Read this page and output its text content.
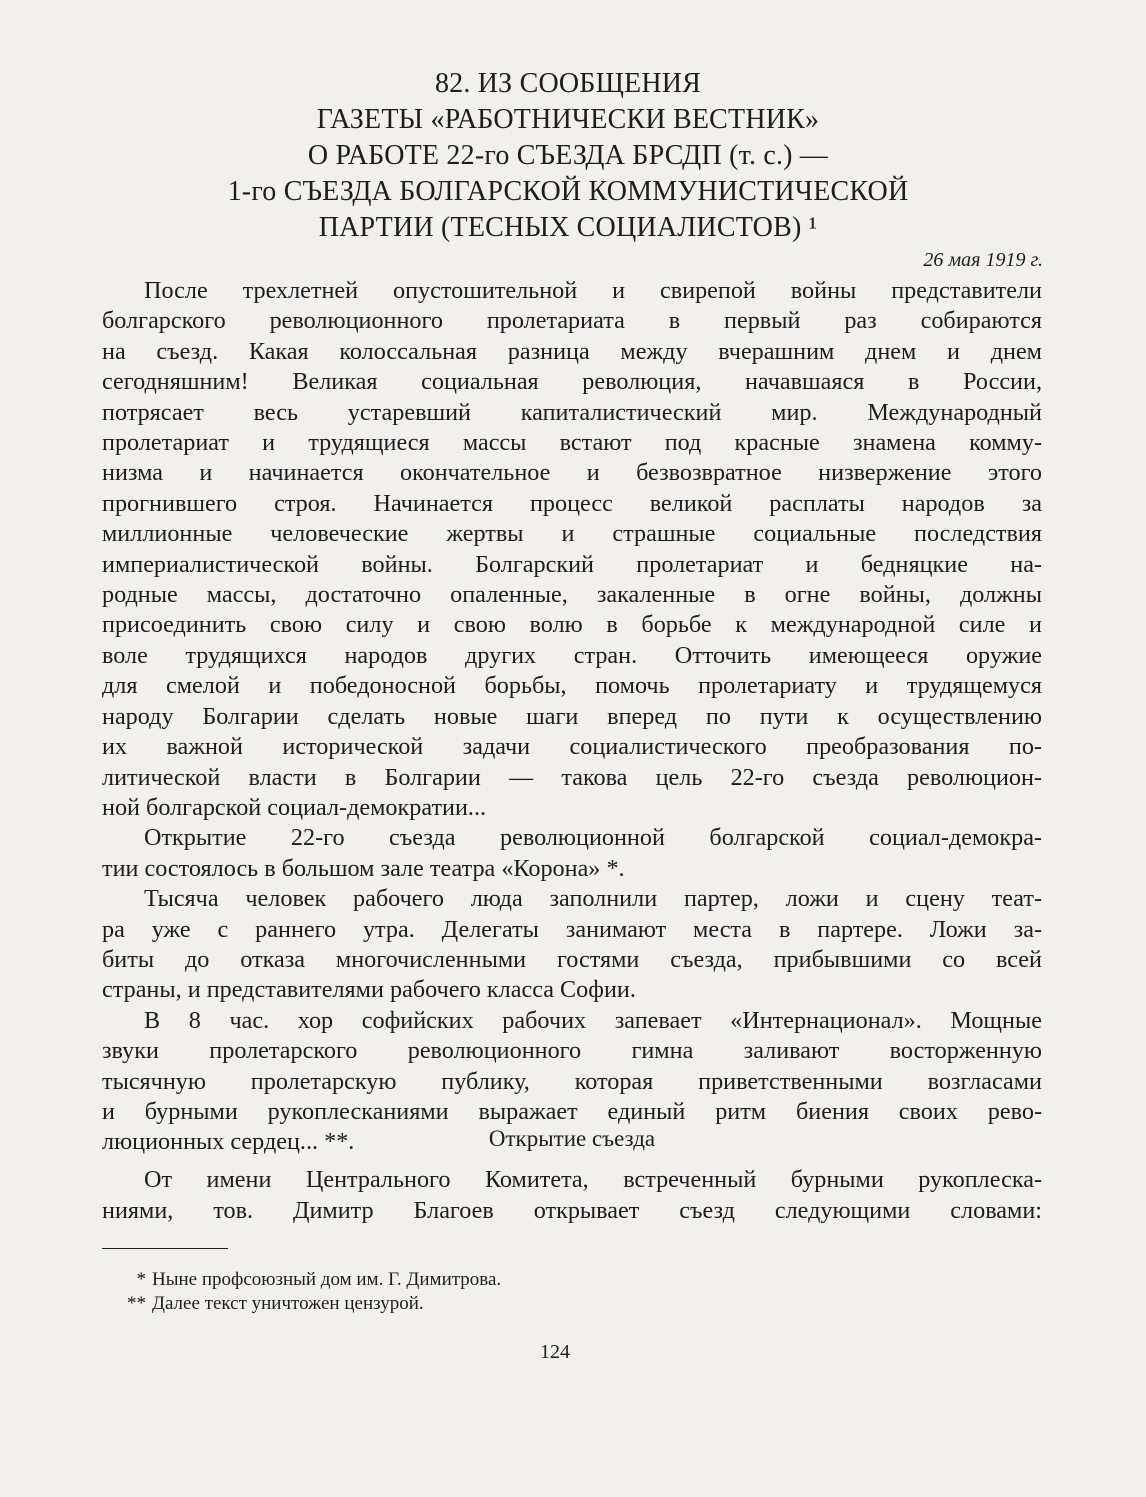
82. ИЗ СООБЩЕНИЯ
ГАЗЕТЫ «РАБОТНИЧЕСКИ ВЕСТНИК»
О РАБОТЕ 22-го СЪЕЗДА БРСДП (т. с.) —
1-го СЪЕЗДА БОЛГАРСКОЙ КОММУНИСТИЧЕСКОЙ
ПАРТИИ (ТЕСНЫХ СОЦИАЛИСТОВ) ¹
26 мая 1919 г.
После трехлетней опустошительной и свирепой войны представители
болгарского революционного пролетариата в первый раз собираются
на съезд. Какая колоссальная разница между вчерашним днем и днем
сегодняшним! Великая социальная революция, начавшаяся в России,
потрясает весь устаревший капиталистический мир. Международный
пролетариат и трудящиеся массы встают под красные знамена комму-
низма и начинается окончательное и безвозвратное низвержение этого
прогнившего строя. Начинается процесс великой расплаты народов за
миллионные человеческие жертвы и страшные социальные последствия
империалистической войны. Болгарский пролетариат и бедняцкие на-
родные массы, достаточно опаленные, закаленные в огне войны, должны
присоединить свою силу и свою волю в борьбе к международной силе и
воле трудящихся народов других стран. Отточить имеющееся оружие
для смелой и победоносной борьбы, помочь пролетариату и трудящемуся
народу Болгарии сделать новые шаги вперед по пути к осуществлению
их важной исторической задачи социалистического преобразования по-
литической власти в Болгарии — такова цель 22-го съезда революцион-
ной болгарской социал-демократии...
Открытие 22-го съезда революционной болгарской социал-демокра-
тии состоялось в большом зале театра «Корона» *.
Тысяча человек рабочего люда заполнили партер, ложи и сцену теат-
ра уже с раннего утра. Делегаты занимают места в партере. Ложи за-
биты до отказа многочисленными гостями съезда, прибывшими со всей
страны, и представителями рабочего класса Софии.
В 8 час. хор софийских рабочих запевает «Интернационал». Мощные
звуки пролетарского революционного гимна заливают восторженную
тысячную пролетарскую публику, которая приветственными возгласами
и бурными рукоплесканиями выражает единый ритм биения своих рево-
люционных сердец... **.	Открытие съезда
От имени Центрального Комитета, встреченный бурными рукоплеска-
ниями, тов. Димитр Благоев открывает съезд следующими словами:
* Ныне профсоюзный дом им. Г. Димитрова.
** Далее текст уничтожен цензурой.
124
